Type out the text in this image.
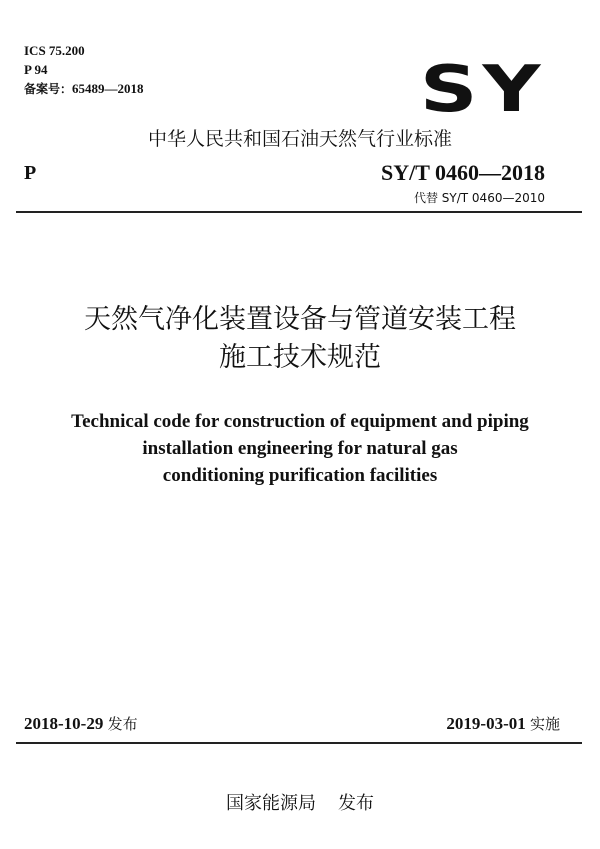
ICS 75.200
P 94
备案号：65489—2018	SY
中华人民共和国石油天然气行业标准
P	SY/T 0460—2018
代替 SY/T 0460—2010
天然气净化装置设备与管道安装工程
施工技术规范
Technical code for construction of equipment and piping
installation engineering for natural gas
conditioning purification facilities
2018-10-29 发布	2019-03-01 实施
国家能源局 发布
